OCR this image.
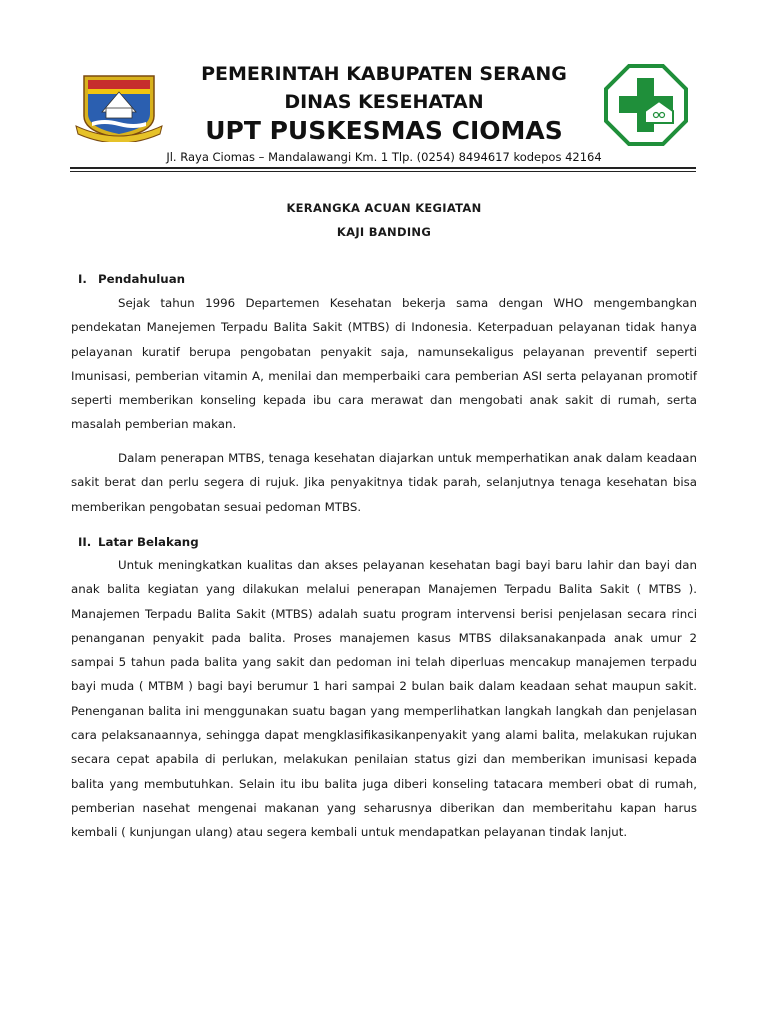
PEMERINTAH KABUPATEN SERANG
DINAS KESEHATAN
UPT PUSKESMAS CIOMAS
Jl. Raya Ciomas – Mandalawangi Km. 1 Tlp. (0254) 8494617 kodepos 42164
KERANGKA ACUAN KEGIATAN
KAJI BANDING
I. Pendahuluan

Sejak tahun 1996 Departemen Kesehatan bekerja sama dengan WHO mengembangkan pendekatan Manejemen Terpadu Balita Sakit (MTBS) di Indonesia. Keterpaduan pelayanan tidak hanya pelayanan kuratif berupa pengobatan penyakit saja, namunsekaligus pelayanan preventif seperti Imunisasi, pemberian vitamin A, menilai dan memperbaiki cara pemberian ASI serta pelayanan promotif seperti memberikan konseling kepada ibu cara merawat dan mengobati anak sakit di rumah, serta masalah pemberian makan.

Dalam penerapan MTBS, tenaga kesehatan diajarkan untuk memperhatikan anak dalam keadaan sakit berat dan perlu segera di rujuk. Jika penyakitnya tidak parah, selanjutnya tenaga kesehatan bisa memberikan pengobatan sesuai pedoman MTBS.

II. Latar Belakang

Untuk meningkatkan kualitas dan akses pelayanan kesehatan bagi bayi baru lahir dan bayi dan anak balita kegiatan yang dilakukan melalui penerapan Manajemen Terpadu Balita Sakit ( MTBS ). Manajemen Terpadu Balita Sakit (MTBS) adalah suatu program intervensi berisi penjelasan secara rinci penanganan penyakit pada balita. Proses manajemen kasus MTBS dilaksanakanpada anak umur 2 sampai 5 tahun pada balita yang sakit dan pedoman ini telah diperluas mencakup manajemen terpadu bayi muda ( MTBM ) bagi bayi berumur 1 hari sampai 2 bulan baik dalam keadaan sehat maupun sakit. Penenganan balita ini menggunakan suatu bagan yang memperlihatkan langkah langkah dan penjelasan cara pelaksanaannya, sehingga dapat mengklasifikasikanpenyakit yang alami balita, melakukan rujukan secara cepat apabila di perlukan, melakukan penilaian status gizi dan memberikan imunisasi kepada balita yang membutuhkan. Selain itu ibu balita juga diberi konseling tatacara memberi obat di rumah, pemberian nasehat mengenai makanan yang seharusnya diberikan dan memberitahu kapan harus kembali ( kunjungan ulang) atau segera kembali untuk mendapatkan pelayanan tindak lanjut.
